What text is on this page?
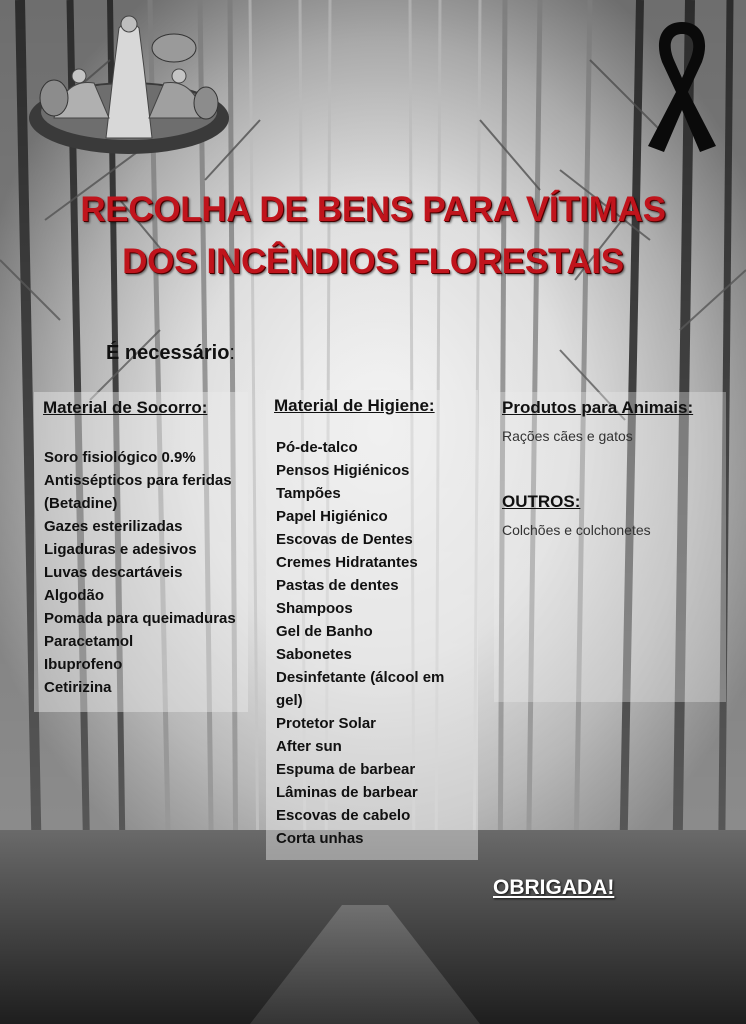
RECOLHA DE BENS PARA VÍTIMAS
DOS INCÊNDIOS FLORESTAIS
É necessário:
Material de Socorro:
Soro fisiológico 0.9%
Antissépticos para feridas
(Betadine)
Gazes esterilizadas
Ligaduras e adesivos
Luvas descartáveis
Algodão
Pomada para queimaduras
Paracetamol
Ibuprofeno
Cetirizina
Material de Higiene:
Pó-de-talco
Pensos Higiénicos
Tampões
Papel Higiénico
Escovas de Dentes
Cremes Hidratantes
Pastas de dentes
Shampoos
Gel de Banho
Sabonetes
Desinfetante (álcool em
gel)
Protetor Solar
After sun
Espuma de barbear
Lâminas de barbear
Escovas de cabelo
Corta unhas
Produtos para Animais:
Rações cães e gatos
OUTROS:
Colchões e colchonetes
OBRIGADA!
